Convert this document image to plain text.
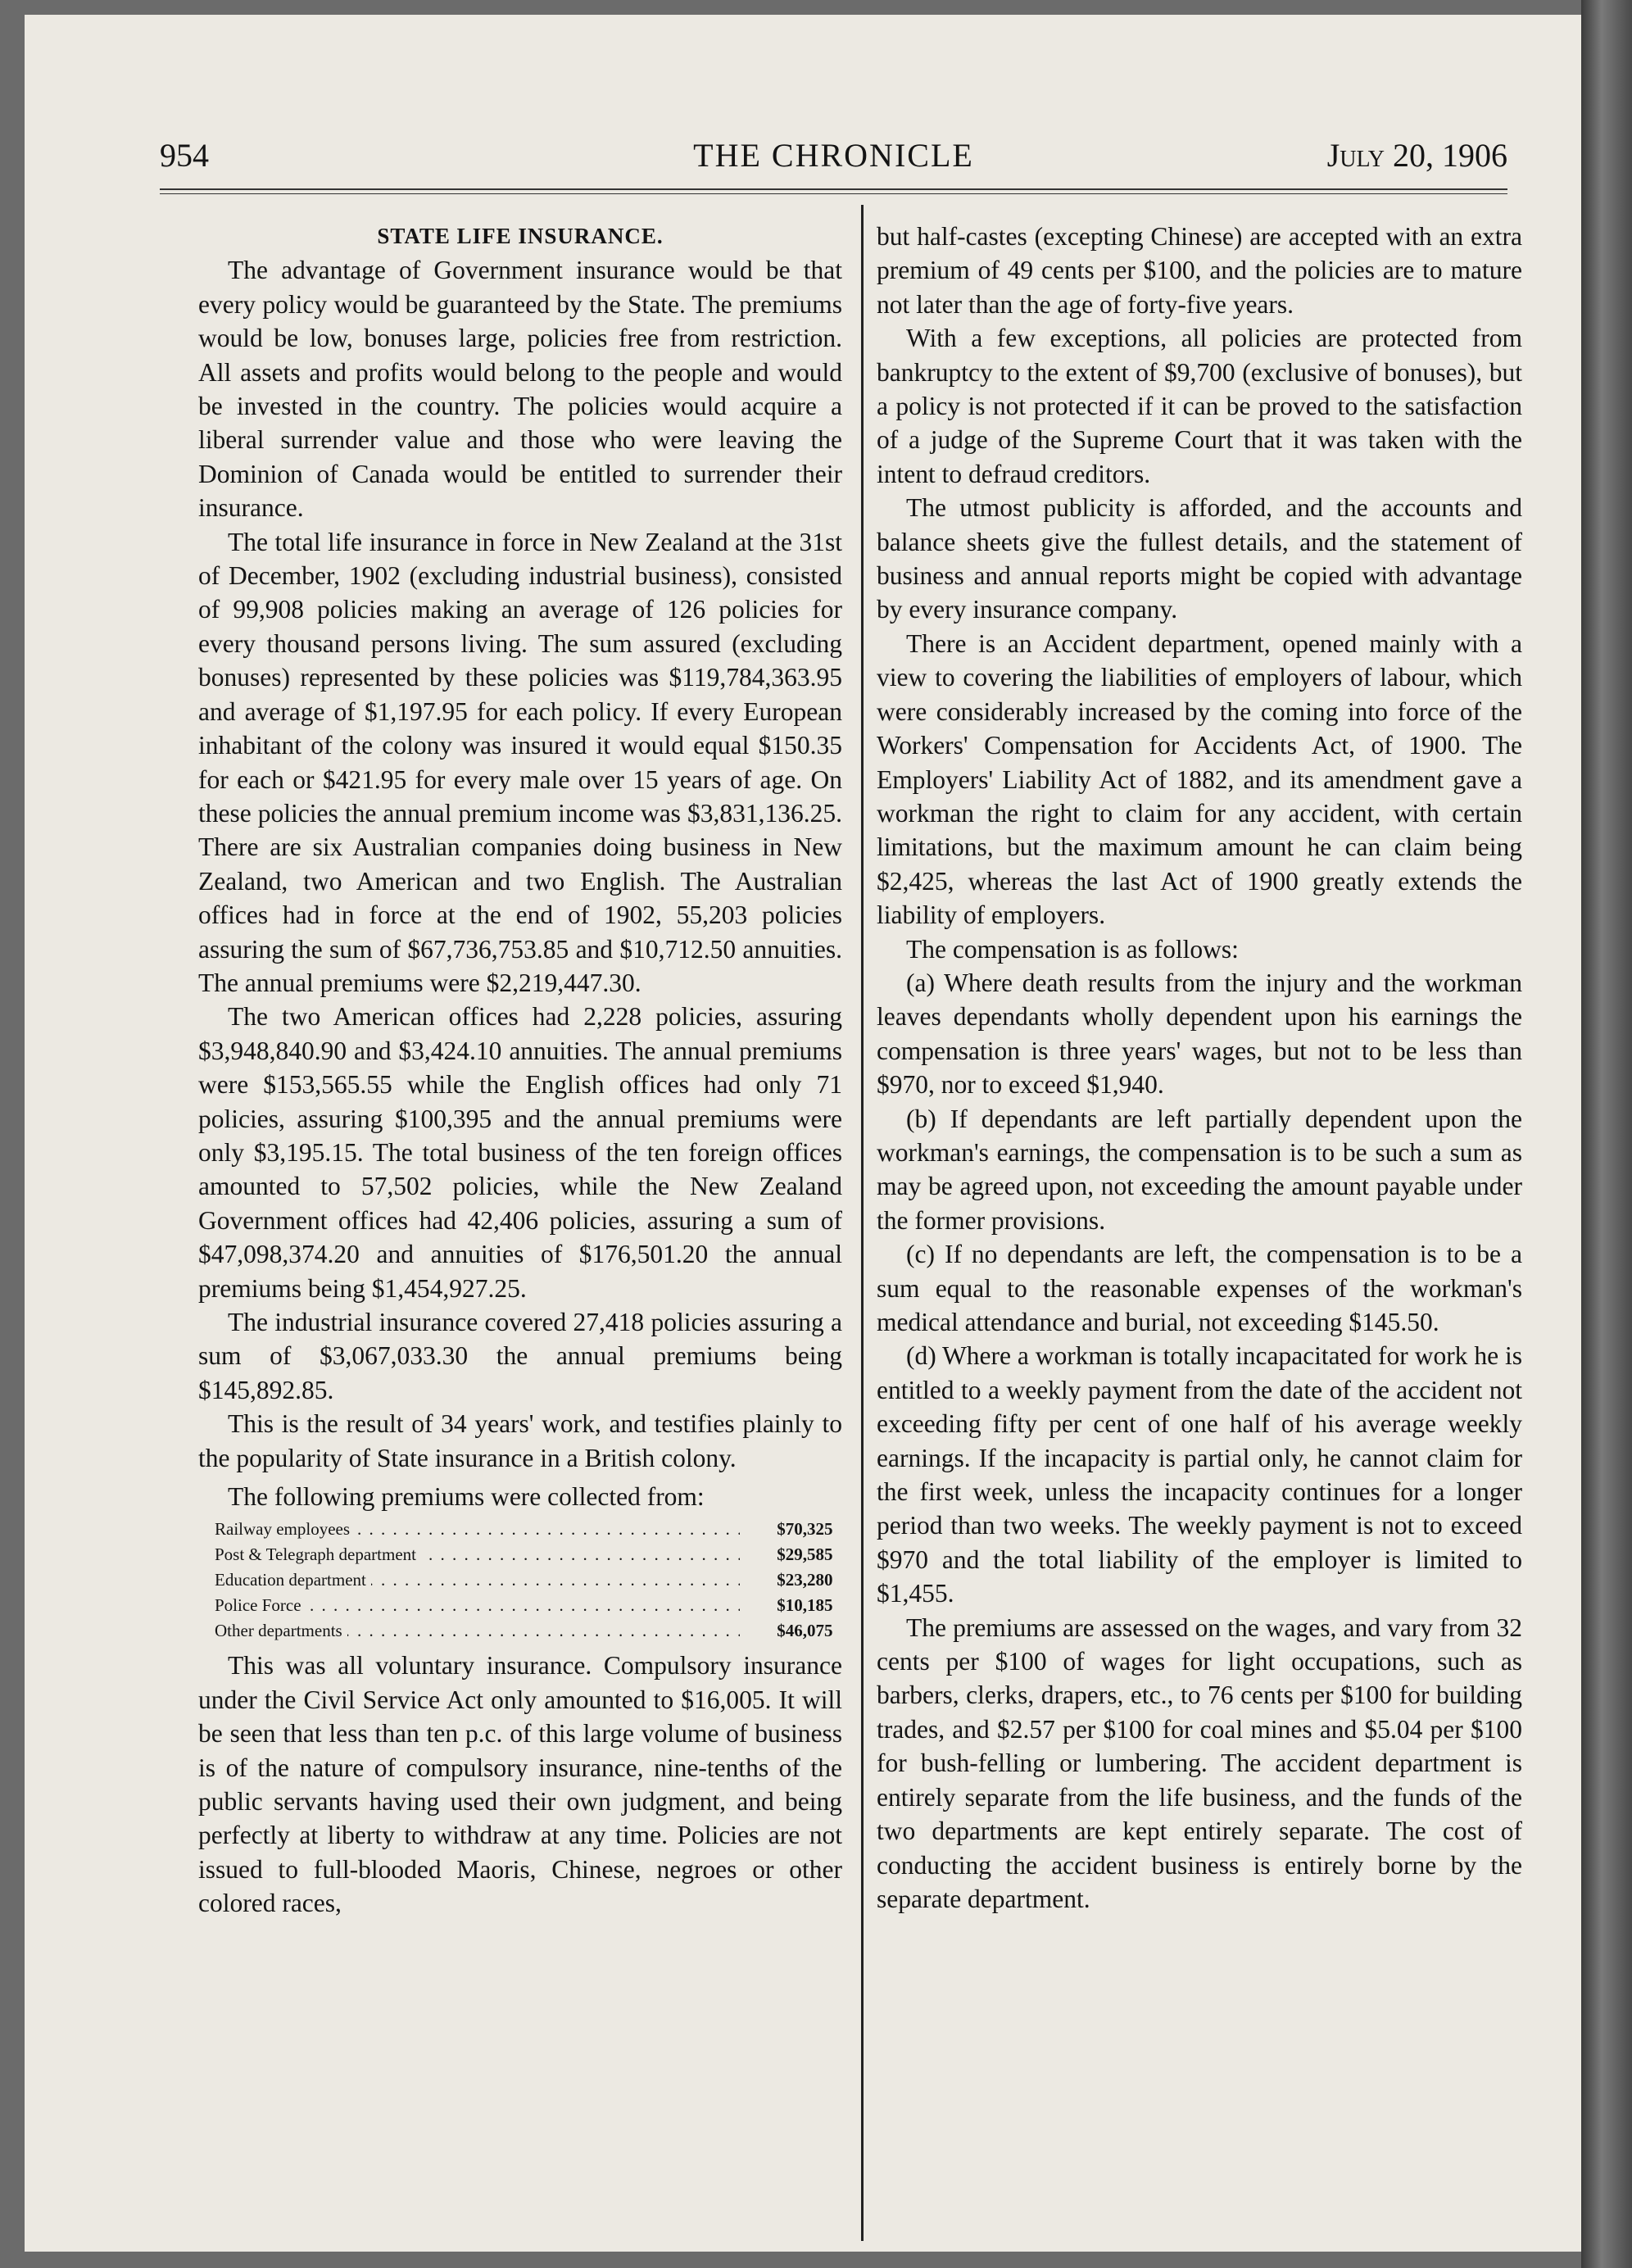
954	THE CHRONICLE	July 20, 1906

STATE LIFE INSURANCE.

The advantage of Government insurance would be that every policy would be guaranteed by the State. The premiums would be low, bonuses large, policies free from restriction. All assets and profits would belong to the people and would be invested in the country. The policies would acquire a liberal surrender value and those who were leaving the Dominion of Canada would be entitled to surrender their insurance.

The total life insurance in force in New Zealand at the 31st of December, 1902 (excluding industrial business), consisted of 99,908 policies making an average of 126 policies for every thousand persons living. The sum assured (excluding bonuses) represented by these policies was $119,784,363.95 and average of $1,197.95 for each policy. If every European inhabitant of the colony was insured it would equal $150.35 for each or $421.95 for every male over 15 years of age. On these policies the annual premium income was $3,831,136.25. There are six Australian companies doing business in New Zealand, two American and two English. The Australian offices had in force at the end of 1902, 55,203 policies assuring the sum of $67,736,753.85 and $10,712.50 annuities. The annual premiums were $2,219,447.30.

The two American offices had 2,228 policies, assuring $3,948,840.90 and $3,424.10 annuities. The annual premiums were $153,565.55 while the English offices had only 71 policies, assuring $100,395 and the annual premiums were only $3,195.15. The total business of the ten foreign offices amounted to 57,502 policies, while the New Zealand Government offices had 42,406 policies, assuring a sum of $47,098,374.20 and annuities of $176,501.20 the annual premiums being $1,454,927.25.

The industrial insurance covered 27,418 policies assuring a sum of $3,067,033.30 the annual premiums being $145,892.85.

This is the result of 34 years' work, and testifies plainly to the popularity of State insurance in a British colony.

The following premiums were collected from:

Railway employees . . .	$70,325
Post & Telegraph department . . .	$29,585
Education department . . .	$23,280
Police Force . . .	$10,185
Other departments . . .	$46,075

This was all voluntary insurance. Compulsory insurance under the Civil Service Act only amounted to $16,005. It will be seen that less than ten p.c. of this large volume of business is of the nature of compulsory insurance, nine-tenths of the public servants having used their own judgment, and being perfectly at liberty to withdraw at any time. Policies are not issued to full-blooded Maoris, Chinese, negroes or other colored races,

but half-castes (excepting Chinese) are accepted with an extra premium of 49 cents per $100, and the policies are to mature not later than the age of forty-five years.

With a few exceptions, all policies are protected from bankruptcy to the extent of $9,700 (exclusive of bonuses), but a policy is not protected if it can be proved to the satisfaction of a judge of the Supreme Court that it was taken with the intent to defraud creditors.

The utmost publicity is afforded, and the accounts and balance sheets give the fullest details, and the statement of business and annual reports might be copied with advantage by every insurance company.

There is an Accident department, opened mainly with a view to covering the liabilities of employers of labour, which were considerably increased by the coming into force of the Workers' Compensation for Accidents Act, of 1900. The Employers' Liability Act of 1882, and its amendment gave a workman the right to claim for any accident, with certain limitations, but the maximum amount he can claim being $2,425, whereas the last Act of 1900 greatly extends the liability of employers.

The compensation is as follows:

(a) Where death results from the injury and the workman leaves dependants wholly dependent upon his earnings the compensation is three years' wages, but not to be less than $970, nor to exceed $1,940.

(b) If dependants are left partially dependent upon the workman's earnings, the compensation is to be such a sum as may be agreed upon, not exceeding the amount payable under the former provisions.

(c) If no dependants are left, the compensation is to be a sum equal to the reasonable expenses of the workman's medical attendance and burial, not exceeding $145.50.

(d) Where a workman is totally incapacitated for work he is entitled to a weekly payment from the date of the accident not exceeding fifty per cent of one half of his average weekly earnings. If the incapacity is partial only, he cannot claim for the first week, unless the incapacity continues for a longer period than two weeks. The weekly payment is not to exceed $970 and the total liability of the employer is limited to $1,455.

The premiums are assessed on the wages, and vary from 32 cents per $100 of wages for light occupations, such as barbers, clerks, drapers, etc., to 76 cents per $100 for building trades, and $2.57 per $100 for coal mines and $5.04 per $100 for bush-felling or lumbering. The accident department is entirely separate from the life business, and the funds of the two departments are kept entirely separate. The cost of conducting the accident business is entirely borne by the separate department.
